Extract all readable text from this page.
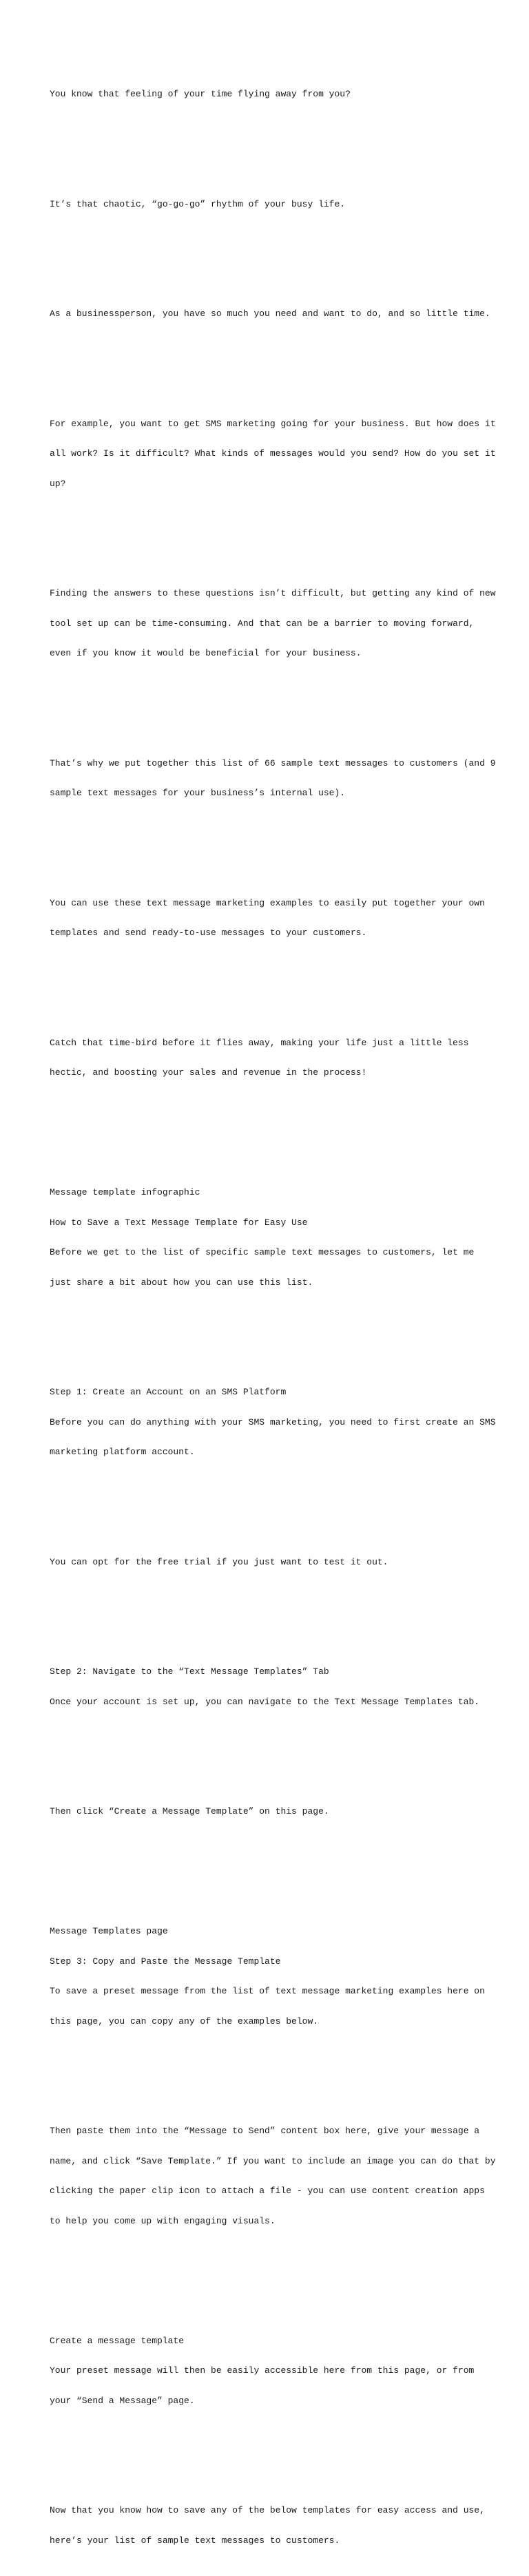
You know that feeling of your time flying away from you?

It’s that chaotic, “go-go-go” rhythm of your busy life.

As a businessperson, you have so much you need and want to do, and so little time.

For example, you want to get SMS marketing going for your business. But how does it

all work? Is it difficult? What kinds of messages would you send? How do you set it

up?

Finding the answers to these questions isn’t difficult, but getting any kind of new

tool set up can be time-consuming. And that can be a barrier to moving forward,

even if you know it would be beneficial for your business.

That’s why we put together this list of 66 sample text messages to customers (and 9

sample text messages for your business’s internal use).

You can use these text message marketing examples to easily put together your own

templates and send ready-to-use messages to your customers.

Catch that time-bird before it flies away, making your life just a little less

hectic, and boosting your sales and revenue in the process!

Message template infographic

How to Save a Text Message Template for Easy Use

Before we get to the list of specific sample text messages to customers, let me

just share a bit about how you can use this list.

Step 1: Create an Account on an SMS Platform

Before you can do anything with your SMS marketing, you need to first create an SMS

marketing platform account.

You can opt for the free trial if you just want to test it out.

Step 2: Navigate to the “Text Message Templates” Tab

Once your account is set up, you can navigate to the Text Message Templates tab.

Then click “Create a Message Template” on this page.

Message Templates page

Step 3: Copy and Paste the Message Template

To save a preset message from the list of text message marketing examples here on

this page, you can copy any of the examples below.

Then paste them into the “Message to Send” content box here, give your message a

name, and click “Save Template.” If you want to include an image you can do that by

clicking the paper clip icon to attach a file - you can use content creation apps

to help you come up with engaging visuals.

Create a message template

Your preset message will then be easily accessible here from this page, or from

your “Send a Message” page.

Now that you know how to save any of the below templates for easy access and use,

here’s your list of sample text messages to customers.
